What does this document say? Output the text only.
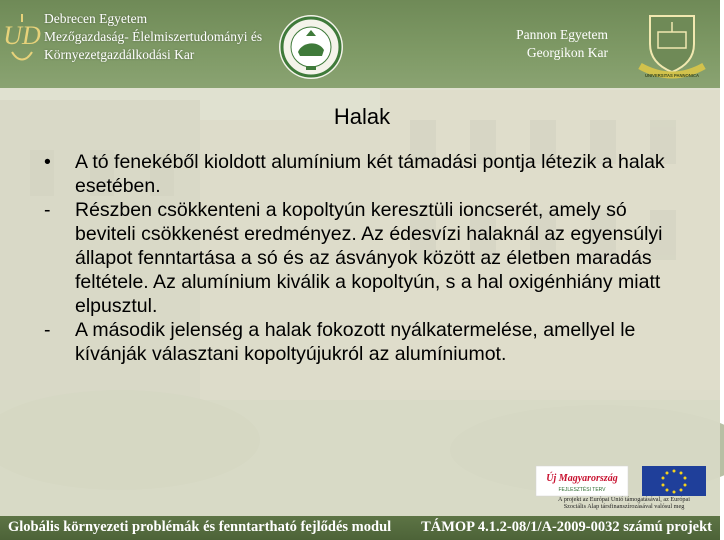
UD
Debrecen Egyetem
Mezőgazdaság- Élelmiszertudományi és
Környezetgazdálkodási Kar
Pannon Egyetem
Georgikon Kar
UNIVERSITAS PANNONICA
Halak
•	A tó fenekéből kioldott alumínium két támadási pontja létezik a halak esetében.
-	Részben csökkenteni a kopoltyún keresztüli ioncserét, amely só beviteli csökkenést eredményez. Az édesvízi halaknál az egyensúlyi állapot fenntartása a só és az ásványok között az életben maradás feltétele. Az alumínium kiválik a kopoltyún, s a hal oxigénhiány miatt elpusztul.
-	A második jelenség a halak fokozott nyálkatermelése, amellyel le kívánják választani kopoltyújukról az alumíniumot.
Új Magyarország
FEJLESZTÉSI TERV
A projekt az Európai Unió támogatásával, az Európai
Szociális Alap társfinanszírozásával valósul meg
Globális környezeti problémák és fenntartható fejlődés modul TÁMOP 4.1.2-08/1/A-2009-0032 számú projekt
